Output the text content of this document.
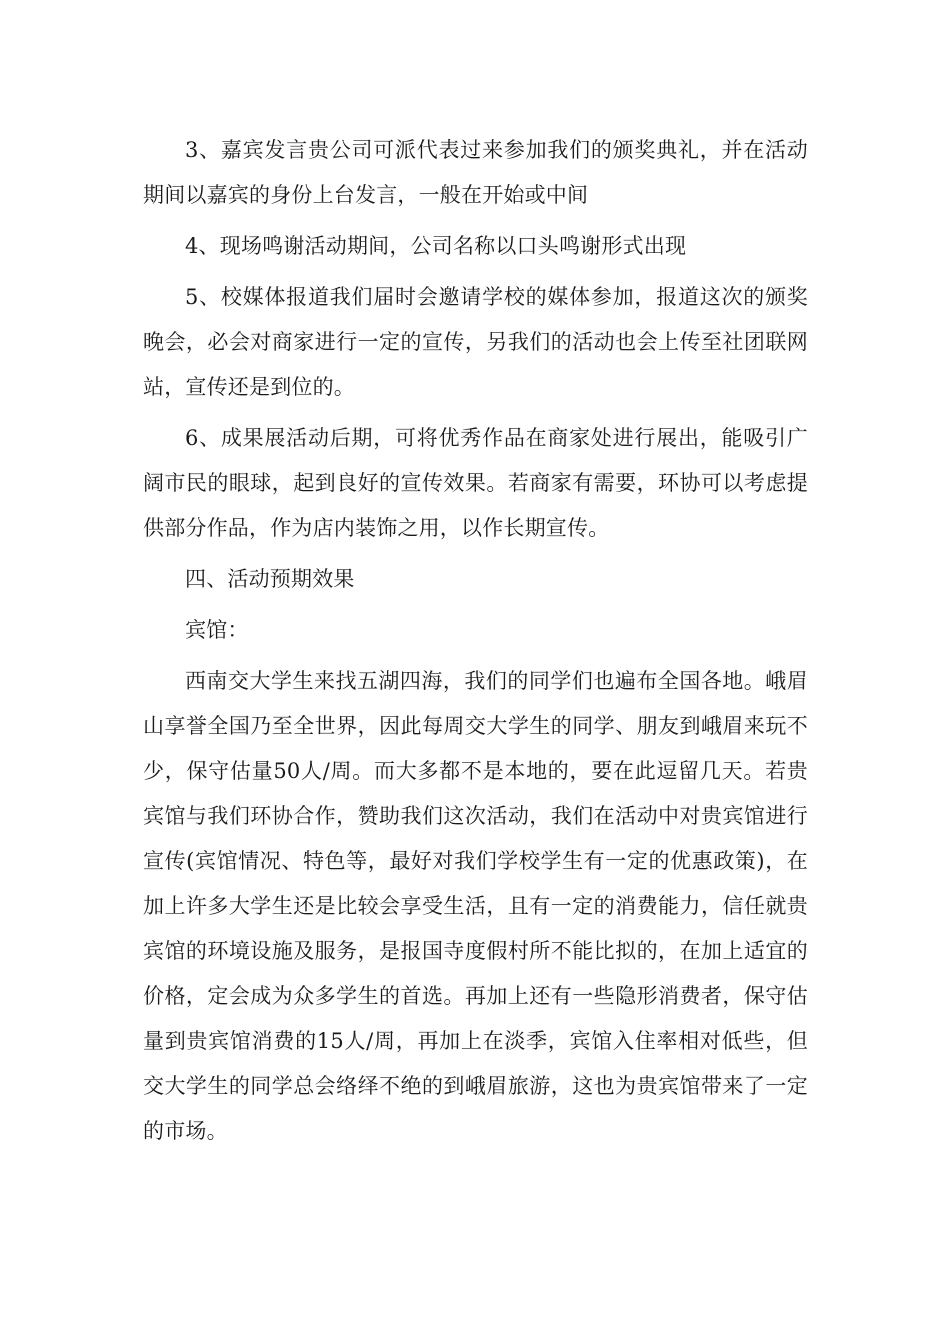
3、嘉宾发言贵公司可派代表过来参加我们的颁奖典礼，并在活动期间以嘉宾的身份上台发言，一般在开始或中间

4、现场鸣谢活动期间，公司名称以口头鸣谢形式出现

5、校媒体报道我们届时会邀请学校的媒体参加，报道这次的颁奖晚会，必会对商家进行一定的宣传，另我们的活动也会上传至社团联网站，宣传还是到位的。

6、成果展活动后期，可将优秀作品在商家处进行展出，能吸引广阔市民的眼球，起到良好的宣传效果。若商家有需要，环协可以考虑提供部分作品，作为店内装饰之用，以作长期宣传。

四、活动预期效果

宾馆：

西南交大学生来找五湖四海，我们的同学们也遍布全国各地。峨眉山享誉全国乃至全世界，因此每周交大学生的同学、朋友到峨眉来玩不少，保守估量50人/周。而大多都不是本地的，要在此逗留几天。若贵宾馆与我们环协合作，赞助我们这次活动，我们在活动中对贵宾馆进行宣传(宾馆情况、特色等，最好对我们学校学生有一定的优惠政策)，在加上许多大学生还是比较会享受生活，且有一定的消费能力，信任就贵宾馆的环境设施及服务，是报国寺度假村所不能比拟的，在加上适宜的价格，定会成为众多学生的首选。再加上还有一些隐形消费者，保守估量到贵宾馆消费的15人/周，再加上在淡季，宾馆入住率相对低些，但交大学生的同学总会络绎不绝的到峨眉旅游，这也为贵宾馆带来了一定的市场。
